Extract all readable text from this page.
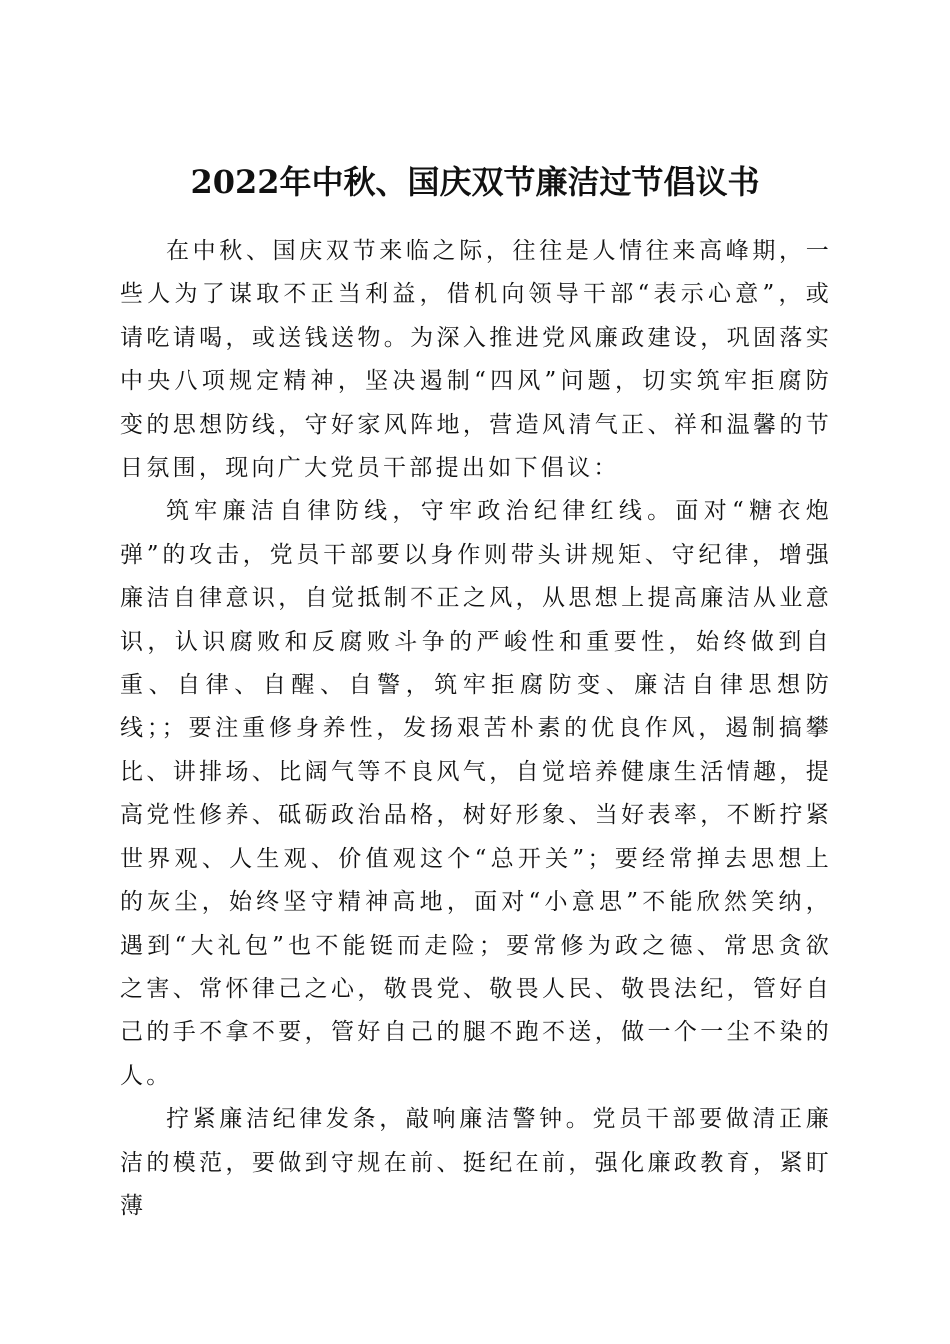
2022年中秋、国庆双节廉洁过节倡议书

在中秋、国庆双节来临之际，往往是人情往来高峰期，一些人为了谋取不正当利益，借机向领导干部“表示心意”，或请吃请喝，或送钱送物。为深入推进党风廉政建设，巩固落实中央八项规定精神，坚决遏制“四风”问题，切实筑牢拒腐防变的思想防线，守好家风阵地，营造风清气正、祥和温馨的节日氛围，现向广大党员干部提出如下倡议：

筑牢廉洁自律防线，守牢政治纪律红线。面对“糖衣炮弹”的攻击，党员干部要以身作则带头讲规矩、守纪律，增强廉洁自律意识，自觉抵制不正之风，从思想上提高廉洁从业意识，认识腐败和反腐败斗争的严峻性和重要性，始终做到自重、自律、自醒、自警，筑牢拒腐防变、廉洁自律思想防线；；要注重修身养性，发扬艰苦朴素的优良作风，遏制搞攀比、讲排场、比阔气等不良风气，自觉培养健康生活情趣，提高党性修养、砥砺政治品格，树好形象、当好表率，不断拧紧世界观、人生观、价值观这个“总开关”；要经常掸去思想上的灰尘，始终坚守精神高地，面对“小意思”不能欣然笑纳，遇到“大礼包”也不能铤而走险；要常修为政之德、常思贪欲之害、常怀律己之心，敬畏党、敬畏人民、敬畏法纪，管好自己的手不拿不要，管好自己的腿不跑不送，做一个一尘不染的人。

拧紧廉洁纪律发条，敲响廉洁警钟。党员干部要做清正廉洁的模范，要做到守规在前、挺纪在前，强化廉政教育，紧盯薄
